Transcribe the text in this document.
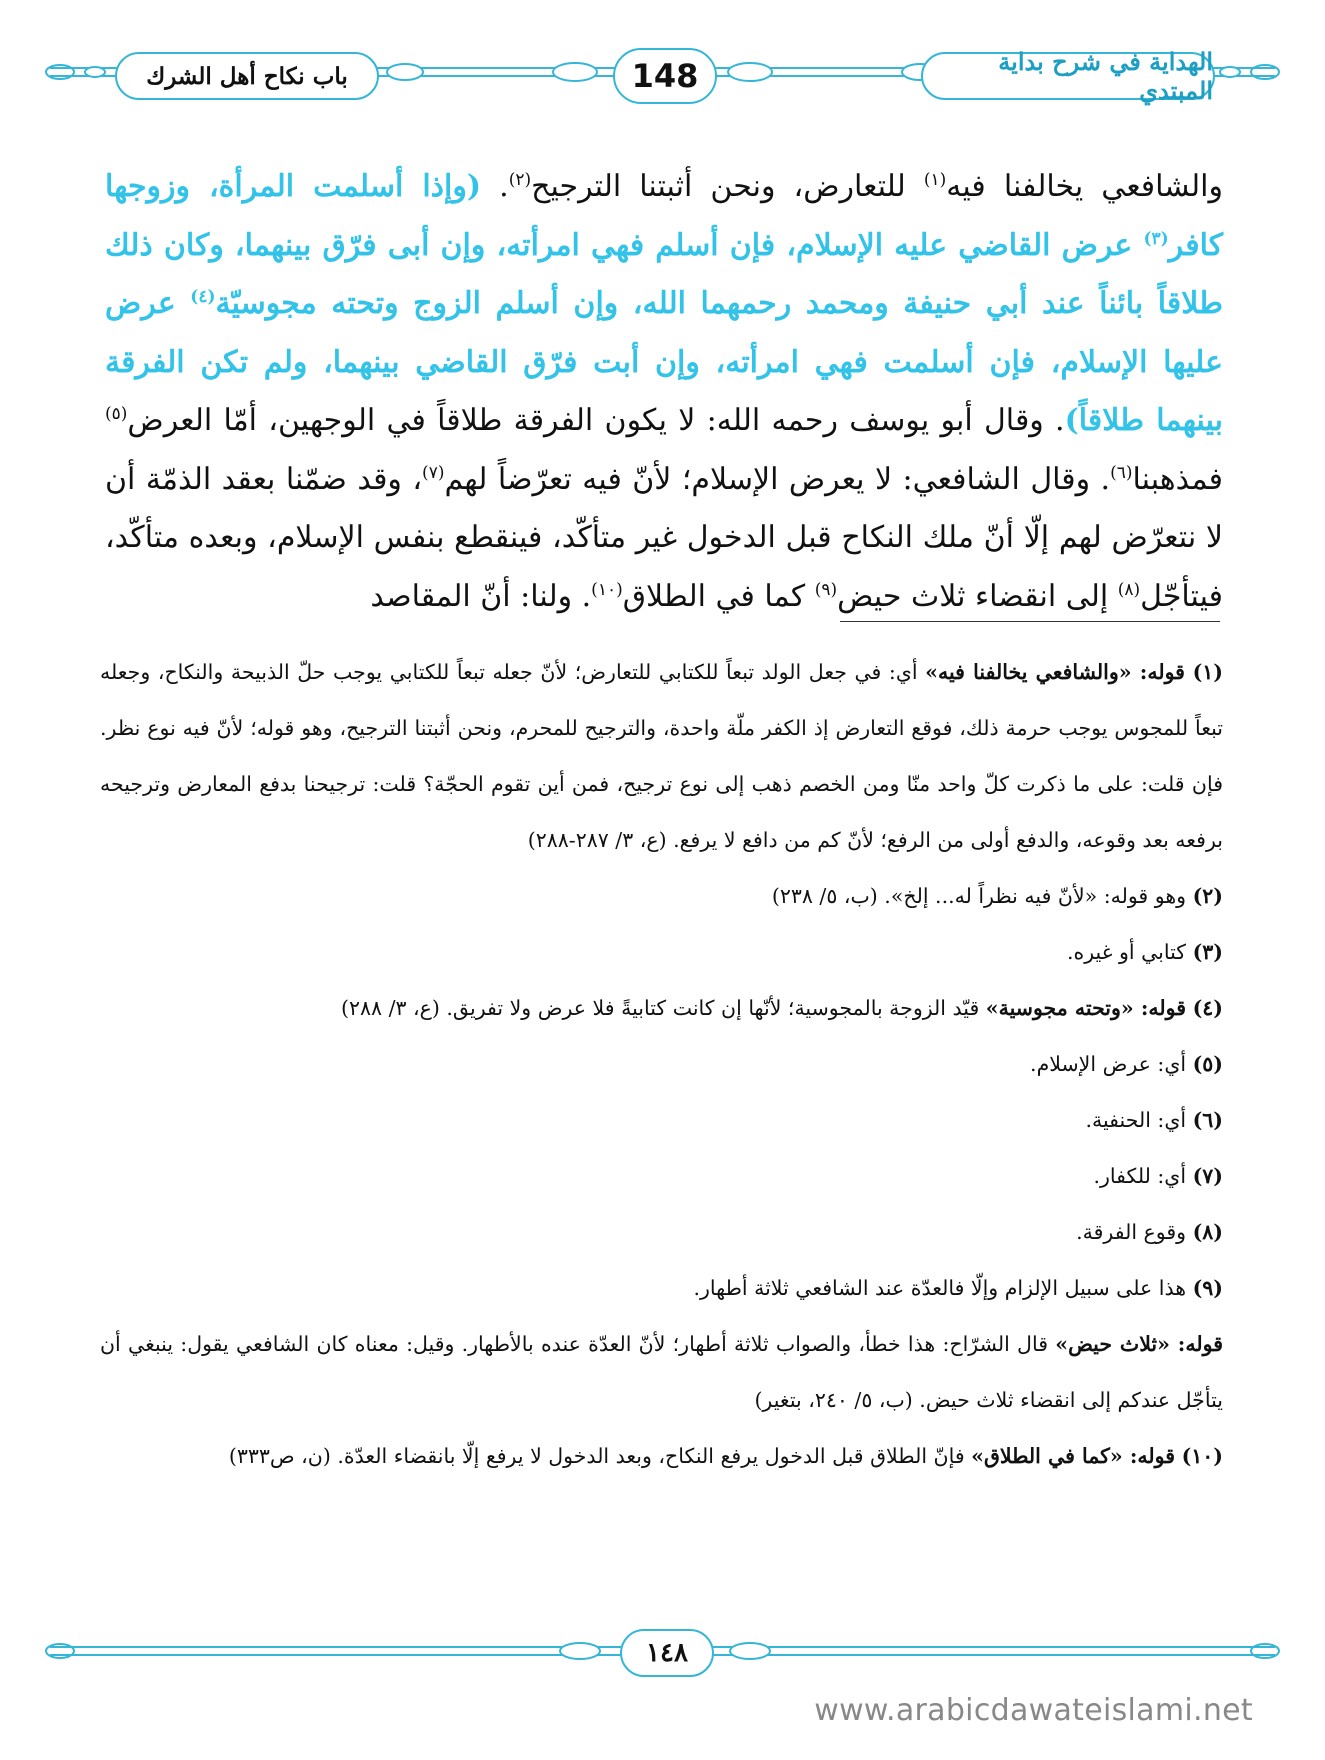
الهداية في شرح بداية المبتدي
148
باب نكاح أهل الشرك

والشافعي يخالفنا فيه$^{(١)}$ للتعارض، ونحن أثبتنا الترجيح$^{(٢)}$. (وإذا أسلمت المرأة، وزوجها كافر$^{(٣)}$ عرض القاضي عليه الإسلام، فإن أسلم فهي امرأته، وإن أبى فرّق بينهما، وكان ذلك طلاقاً بائناً عند أبي حنيفة ومحمد رحمهما الله، وإن أسلم الزوج وتحته مجوسيّة$^{(٤)}$ عرض عليها الإسلام، فإن أسلمت فهي امرأته، وإن أبت فرّق القاضي بينهما، ولم تكن الفرقة بينهما طلاقاً). وقال أبو يوسف رحمه الله: لا يكون الفرقة طلاقاً في الوجهين، أمّا العرض$^{(٥)}$ فمذهبنا$^{(٦)}$. وقال الشافعي: لا يعرض الإسلام؛ لأنّ فيه تعرّضاً لهم$^{(٧)}$، وقد ضمّنا بعقد الذمّة أن لا نتعرّض لهم إلّا أنّ ملك النكاح قبل الدخول غير متأكّد، فينقطع بنفس الإسلام، وبعده متأكّد، فيتأجّل$^{(٨)}$ إلى انقضاء ثلاث حيض$^{(٩)}$ كما في الطلاق$^{(١٠)}$. ولنا: أنّ المقاصد

(١) قوله: «والشافعي يخالفنا فيه» أي: في جعل الولد تبعاً للكتابي للتعارض؛ لأنّ جعله تبعاً للكتابي يوجب حلّ الذبيحة والنكاح، وجعله تبعاً للمجوس يوجب حرمة ذلك، فوقع التعارض إذ الكفر ملّة واحدة، والترجيح للمحرم، ونحن أثبتنا الترجيح، وهو قوله؛ لأنّ فيه نوع نظر. فإن قلت: على ما ذكرت كلّ واحد منّا ومن الخصم ذهب إلى نوع ترجيح، فمن أين تقوم الحجّة؟ قلت: ترجيحنا بدفع المعارض وترجيحه برفعه بعد وقوعه، والدفع أولى من الرفع؛ لأنّ كم من دافع لا يرفع. (ع، ٣/ ٢٨٧-٢٨٨)

(٢) وهو قوله: «لأنّ فيه نظراً له... إلخ». (ب، ٥/ ٢٣٨)

(٣) كتابي أو غيره.

(٤) قوله: «وتحته مجوسية» قيّد الزوجة بالمجوسية؛ لأنّها إن كانت كتابيةً فلا عرض ولا تفريق. (ع، ٣/ ٢٨٨)

(٥) أي: عرض الإسلام.

(٦) أي: الحنفية.

(٧) أي: للكفار.

(٨) وقوع الفرقة.

(٩) هذا على سبيل الإلزام وإلّا فالعدّة عند الشافعي ثلاثة أطهار.

قوله: «ثلاث حيض» قال الشرّاح: هذا خطأ، والصواب ثلاثة أطهار؛ لأنّ العدّة عنده بالأطهار. وقيل: معناه كان الشافعي يقول: ينبغي أن يتأجّل عندكم إلى انقضاء ثلاث حيض. (ب، ٥/ ٢٤٠، بتغير)

(١٠) قوله: «كما في الطلاق» فإنّ الطلاق قبل الدخول يرفع النكاح، وبعد الدخول لا يرفع إلّا بانقضاء العدّة. (ن، ص٣٣٣)

١٤٨
www.arabicdawateislami.net
